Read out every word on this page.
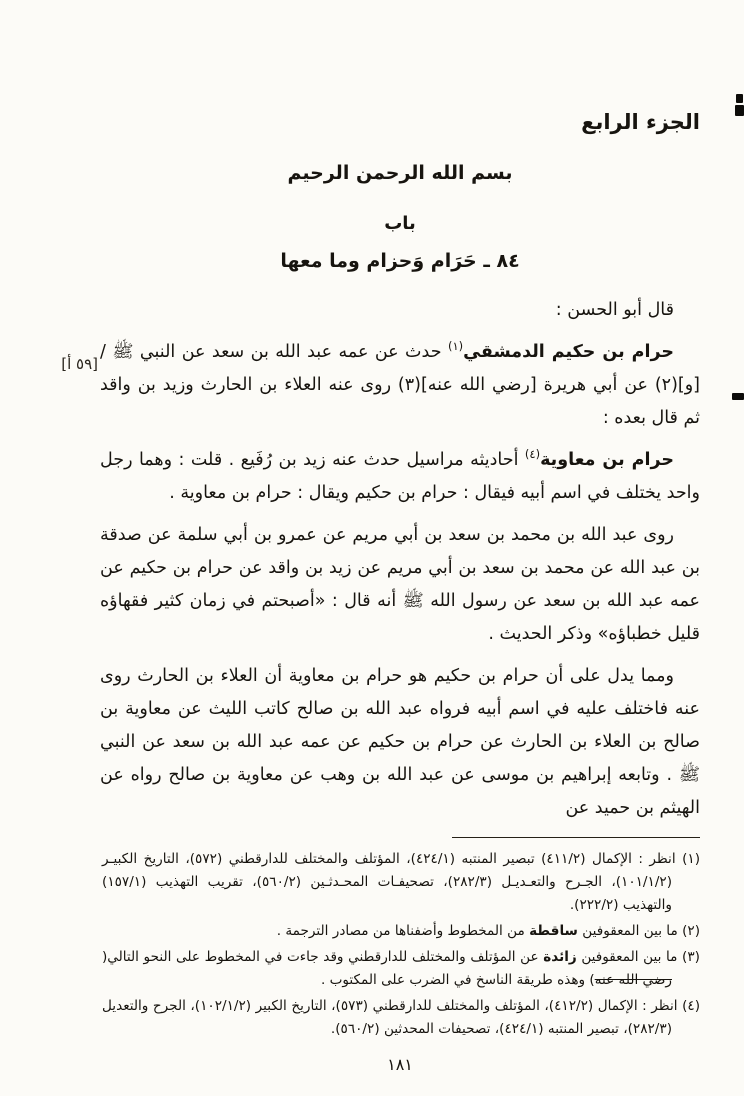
[٥٩ أ]
الجزء الرابع
بسم الله الرحمن الرحيم
باب
٨٤ ـ حَرَام وَحزام وما معها

قال أبو الحسن :

حرام بن حكيم الدمشقي$^{(١)}$ حدث عن عمه عبد الله بن سعد عن النبي ﷺ / [و](٢) عن أبي هريرة [رضي الله عنه](٣) روى عنه العلاء بن الحارث وزيد بن واقد ثم قال بعده :

حرام بن معاوية$^{(٤)}$ أحاديثه مراسيل حدث عنه زيد بن رُفَيع . قلت : وهما رجل واحد يختلف في اسم أبيه فيقال : حرام بن حكيم ويقال : حرام بن معاوية .

روى عبد الله بن محمد بن سعد بن أبي مريم عن عمرو بن أبي سلمة عن صدقة بن عبد الله عن محمد بن سعد بن أبي مريم عن زيد بن واقد عن حرام بن حكيم عن عمه عبد الله بن سعد عن رسول الله ﷺ أنه قال : «أصبحتم في زمان كثير فقهاؤه قليل خطباؤه» وذكر الحديث .

ومما يدل على أن حرام بن حكيم هو حرام بن معاوية أن العلاء بن الحارث روى عنه فاختلف عليه في اسم أبيه فرواه عبد الله بن صالح كاتب الليث عن معاوية بن صالح بن العلاء بن الحارث عن حرام بن حكيم عن عمه عبد الله بن سعد عن النبي ﷺ . وتابعه إبراهيم بن موسى عن عبد الله بن وهب عن معاوية بن صالح رواه عن الهيثم بن حميد عن

(١) انظر : الإكمال (٤١١/٢) تبصير المنتبه (٤٢٤/١)، المؤتلف والمختلف للدارقطني (٥٧٢)، التاريخ الكبيـر (١٠١/١/٢)، الجـرح والتعـديـل (٢٨٢/٣)، تصحيفـات المحـدثـين (٥٦٠/٢)، تقريب التهذيب (١٥٧/١) والتهذيب (٢٢٢/٢).

(٢) ما بين المعقوفين ساقطة من المخطوط وأضفناها من مصادر الترجمة .

(٣) ما بين المعقوفين زائدة عن المؤتلف والمختلف للدارقطني وقد جاءت في المخطوط على النحو التالي( رضي الله عنه) وهذه طريقة الناسخ في الضرب على المكتوب .

(٤) انظر : الإكمال (٤١٢/٢)، المؤتلف والمختلف للدارقطني (٥٧٣)، التاريخ الكبير (١٠٢/١/٢)، الجرح والتعديل (٢٨٢/٣)، تبصير المنتبه (٤٢٤/١)، تصحيفات المحدثين (٥٦٠/٢).

١٨١
